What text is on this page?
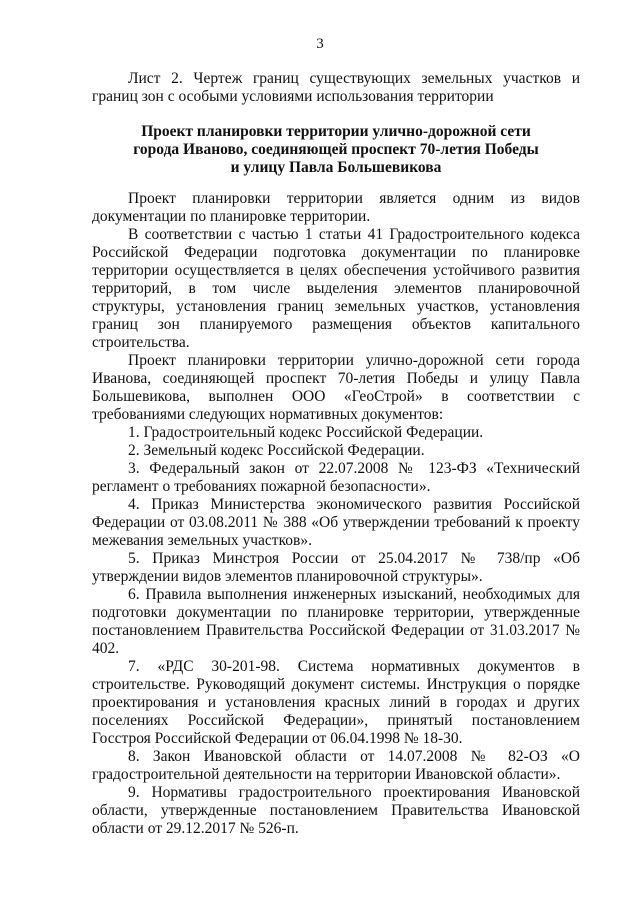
3
Лист 2. Чертеж границ существующих земельных участков и границ зон с особыми условиями использования территории
Проект планировки территории улично-дорожной сети
города Иваново, соединяющей проспект 70-летия Победы
и улицу Павла Большевикова

Проект планировки территории является одним из видов документации по планировке территории.

В соответствии с частью 1 статьи 41 Градостроительного кодекса Российской Федерации подготовка документации по планировке территории осуществляется в целях обеспечения устойчивого развития территорий, в том числе выделения элементов планировочной структуры, установления границ земельных участков, установления границ зон планируемого размещения объектов капитального строительства.

Проект планировки территории улично-дорожной сети города Иванова, соединяющей проспект 70-летия Победы и улицу Павла Большевикова, выполнен ООО «ГеоСтрой» в соответствии с требованиями следующих нормативных документов:

1. Градостроительный кодекс Российской Федерации.

2. Земельный кодекс Российской Федерации.

3. Федеральный закон от 22.07.2008 № 123-ФЗ «Технический регламент о требованиях пожарной безопасности».

4. Приказ Министерства экономического развития Российской Федерации от 03.08.2011 № 388 «Об утверждении требований к проекту межевания земельных участков».

5. Приказ Минстроя России от 25.04.2017 № 738/пр «Об утверждении видов элементов планировочной структуры».

6. Правила выполнения инженерных изысканий, необходимых для подготовки документации по планировке территории, утвержденные постановлением Правительства Российской Федерации от 31.03.2017 № 402.

7. «РДС 30-201-98. Система нормативных документов в строительстве. Руководящий документ системы. Инструкция о порядке проектирования и установления красных линий в городах и других поселениях Российской Федерации», принятый постановлением Госстроя Российской Федерации от 06.04.1998 № 18-30.

8. Закон Ивановской области от 14.07.2008 № 82-ОЗ «О градостроительной деятельности на территории Ивановской области».

9. Нормативы градостроительного проектирования Ивановской области, утвержденные постановлением Правительства Ивановской области от 29.12.2017 № 526-п.
